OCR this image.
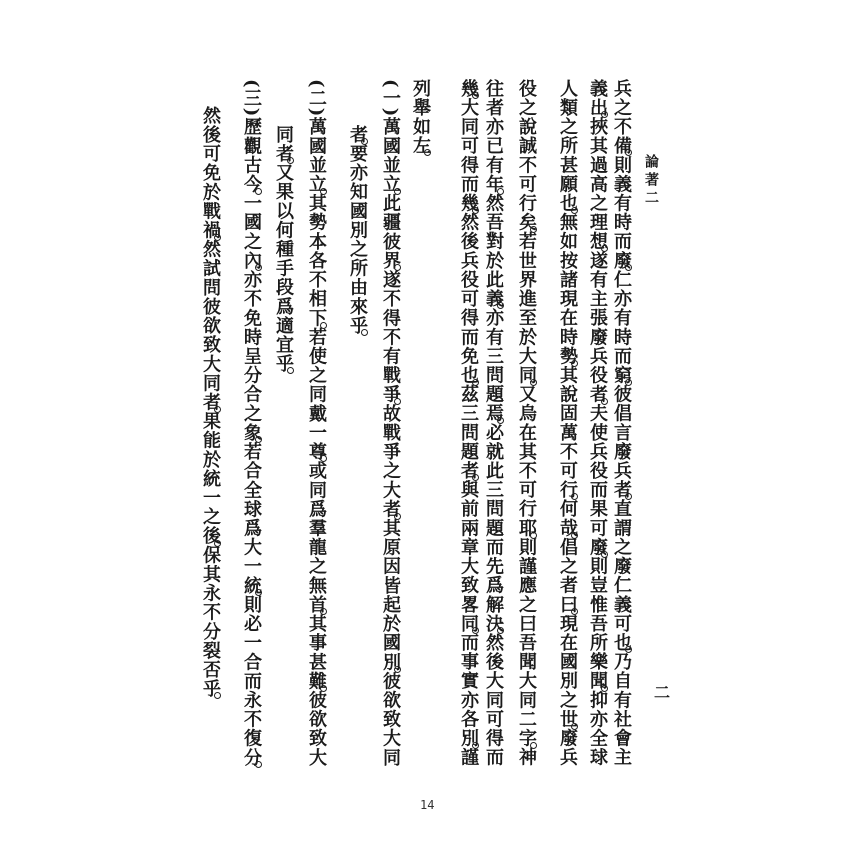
論著二
二
兵之不備則義有時而廢仁亦有時而窮彼倡言廢兵者直謂之廢仁義可也乃自有社會主
義出挾其過高之理想遂有主張廢兵役者夫使兵役而果可廢則豈惟吾所樂聞抑亦全球
人類之所甚願也無如按諸現在時勢其說固萬不可行何哉倡之者曰現在國別之世廢兵
役之說誠不可行矣若世界進至於大同又烏在其不可行耶則謹應之曰吾聞大同二字神
往者亦已有年然吾對於此義亦有三問題焉必就此三問題而先爲解決然後大同可得而
幾大同可得而幾然後兵役可得而免也茲三問題者與前兩章大致畧同而事實亦各別謹
列舉如左
(一)萬國並立此疆彼界遂不得不有戰爭故戰爭之大者其原因皆起於國別彼欲致大同
者要亦知國別之所由來乎
(二)萬國並立其勢本各不相下若使之同戴一尊或同爲羣龍之無首其事甚難彼欲致大
同者又果以何種手段爲適宜乎
(三)歷觀古今一國之內亦不免時呈分合之象若合全球爲大一統則必一合而永不復分
然後可免於戰禍然試問彼欲致大同者果能於統一之後保其永不分裂否乎
14
